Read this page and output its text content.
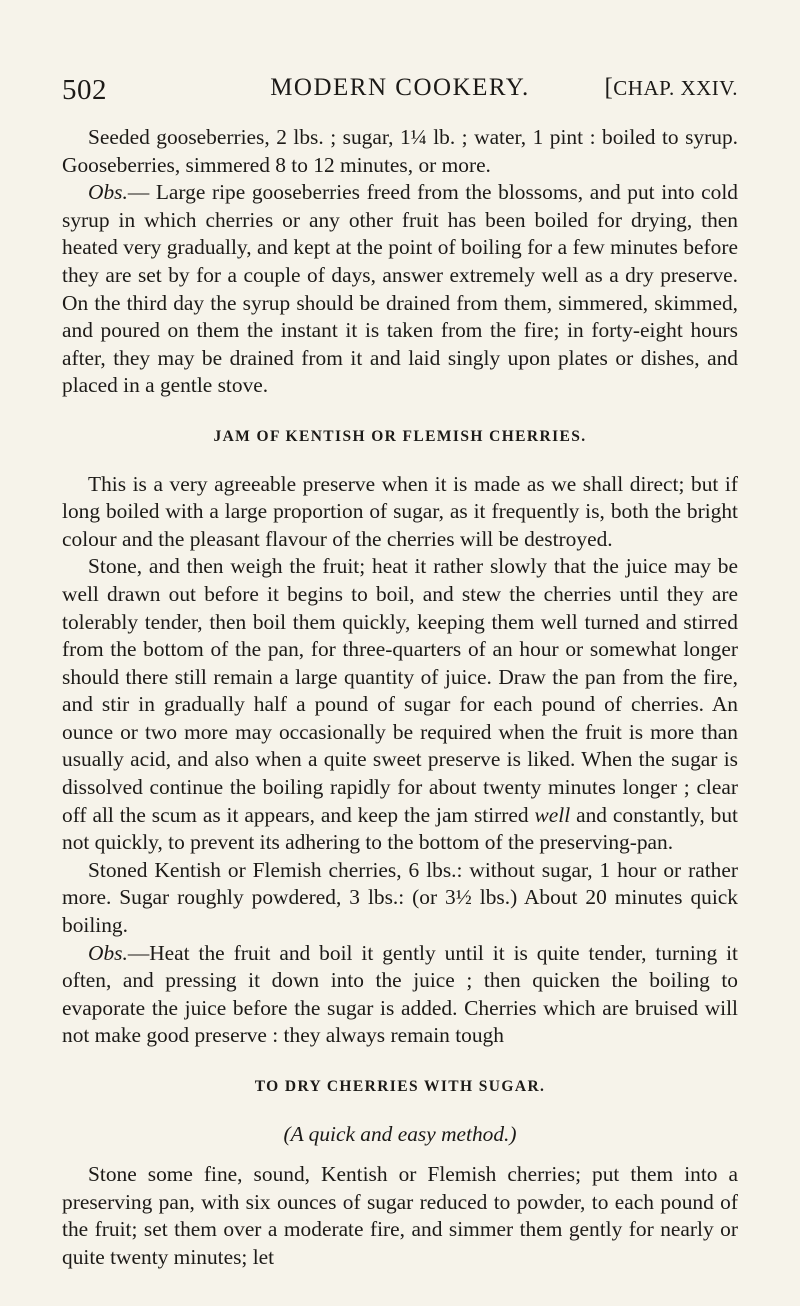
502	MODERN COOKERY.	[CHAP. XXIV.

Seeded gooseberries, 2 lbs. ; sugar, 1¼ lb. ; water, 1 pint : boiled to syrup. Gooseberries, simmered 8 to 12 minutes, or more.

Obs.— Large ripe gooseberries freed from the blossoms, and put into cold syrup in which cherries or any other fruit has been boiled for drying, then heated very gradually, and kept at the point of boiling for a few minutes before they are set by for a couple of days, answer extremely well as a dry preserve. On the third day the syrup should be drained from them, simmered, skimmed, and poured on them the instant it is taken from the fire; in forty-eight hours after, they may be drained from it and laid singly upon plates or dishes, and placed in a gentle stove.

JAM OF KENTISH OR FLEMISH CHERRIES.

This is a very agreeable preserve when it is made as we shall direct; but if long boiled with a large proportion of sugar, as it frequently is, both the bright colour and the pleasant flavour of the cherries will be destroyed.

Stone, and then weigh the fruit; heat it rather slowly that the juice may be well drawn out before it begins to boil, and stew the cherries until they are tolerably tender, then boil them quickly, keeping them well turned and stirred from the bottom of the pan, for three-quarters of an hour or somewhat longer should there still remain a large quantity of juice. Draw the pan from the fire, and stir in gradually half a pound of sugar for each pound of cherries. An ounce or two more may occasionally be required when the fruit is more than usually acid, and also when a quite sweet preserve is liked. When the sugar is dissolved continue the boiling rapidly for about twenty minutes longer ; clear off all the scum as it appears, and keep the jam stirred well and constantly, but not quickly, to prevent its adhering to the bottom of the preserving-pan.

Stoned Kentish or Flemish cherries, 6 lbs.: without sugar, 1 hour or rather more. Sugar roughly powdered, 3 lbs.: (or 3½ lbs.) About 20 minutes quick boiling.

Obs.—Heat the fruit and boil it gently until it is quite tender, turning it often, and pressing it down into the juice ; then quicken the boiling to evaporate the juice before the sugar is added. Cherries which are bruised will not make good preserve : they always remain tough

TO DRY CHERRIES WITH SUGAR.
(A quick and easy method.)

Stone some fine, sound, Kentish or Flemish cherries; put them into a preserving pan, with six ounces of sugar reduced to powder, to each pound of the fruit; set them over a moderate fire, and simmer them gently for nearly or quite twenty minutes; let
